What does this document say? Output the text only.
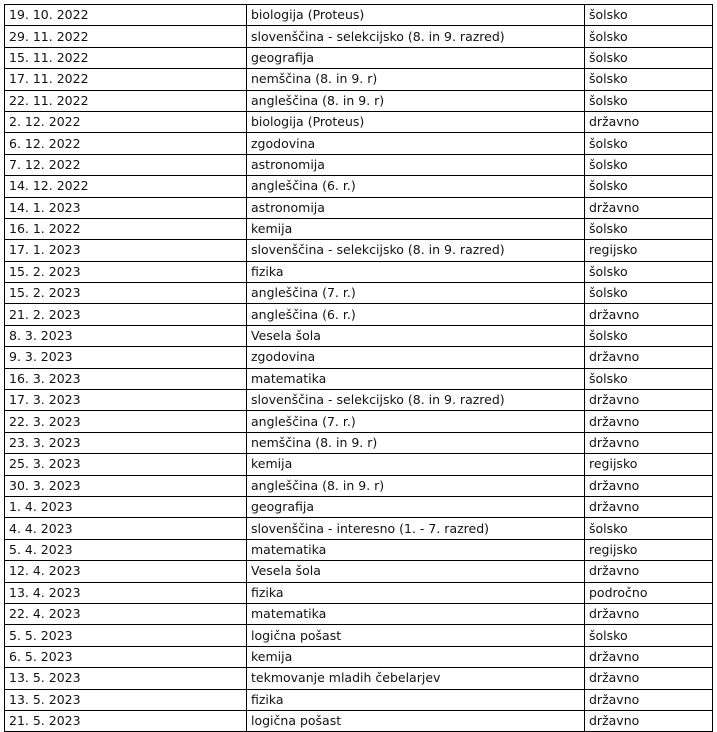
19. 10. 2022	biologija (Proteus)	šolsko
29. 11. 2022	slovenščina - selekcijsko (8. in 9. razred)	šolsko
15. 11. 2022	geografija	šolsko
17. 11. 2022	nemščina (8. in 9. r)	šolsko
22. 11. 2022	angleščina (8. in 9. r)	šolsko
2. 12. 2022	biologija (Proteus)	državno
6. 12. 2022	zgodovina	šolsko
7. 12. 2022	astronomija	šolsko
14. 12. 2022	angleščina (6. r.)	šolsko
14. 1. 2023	astronomija	državno
16. 1. 2022	kemija	šolsko
17. 1. 2023	slovenščina - selekcijsko (8. in 9. razred)	regijsko
15. 2. 2023	fizika	šolsko
15. 2. 2023	angleščina (7. r.)	šolsko
21. 2. 2023	angleščina (6. r.)	državno
8. 3. 2023	Vesela šola	šolsko
9. 3. 2023	zgodovina	državno
16. 3. 2023	matematika	šolsko
17. 3. 2023	slovenščina - selekcijsko (8. in 9. razred)	državno
22. 3. 2023	angleščina (7. r.)	državno
23. 3. 2023	nemščina (8. in 9. r)	državno
25. 3. 2023	kemija	regijsko
30. 3. 2023	angleščina (8. in 9. r)	državno
1. 4. 2023	geografija	državno
4. 4. 2023	slovenščina - interesno (1. - 7. razred)	šolsko
5. 4. 2023	matematika	regijsko
12. 4. 2023	Vesela šola	državno
13. 4. 2023	fizika	področno
22. 4. 2023	matematika	državno
5. 5. 2023	logična pošast	šolsko
6. 5. 2023	kemija	državno
13. 5. 2023	tekmovanje mladih čebelarjev	državno
13. 5. 2023	fizika	državno
21. 5. 2023	logična pošast	državno
